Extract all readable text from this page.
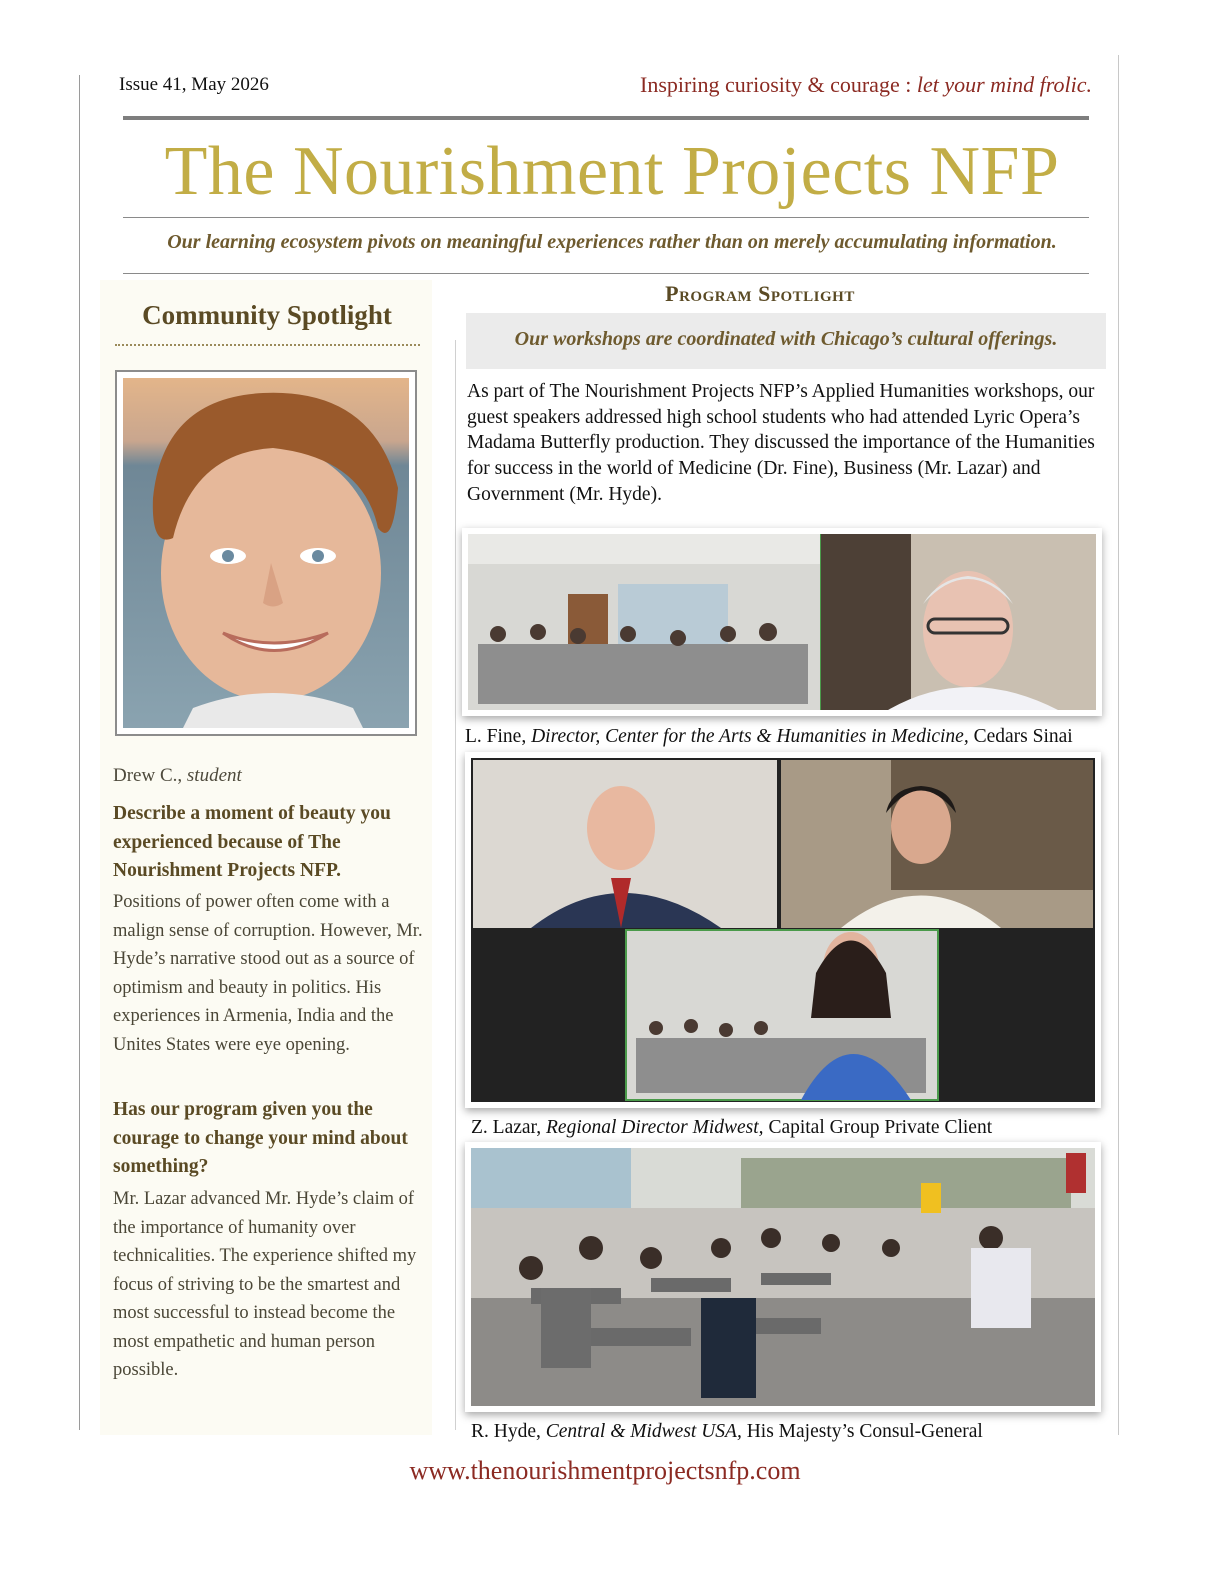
Issue 41, May 2026	Inspiring curiosity & courage : let your mind frolic.
The Nourishment Projects NFP
Our learning ecosystem pivots on meaningful experiences rather than on merely accumulating information.
Community Spotlight
Drew C., student
Describe a moment of beauty you experienced because of The Nourishment Projects NFP.
Positions of power often come with a malign sense of corruption. However, Mr. Hyde’s narrative stood out as a source of optimism and beauty in politics. His experiences in Armenia, India and the Unites States were eye opening.
Has our program given you the courage to change your mind about something?
Mr. Lazar advanced Mr. Hyde’s claim of the importance of humanity over technicalities. The experience shifted my focus of striving to be the smartest and most successful to instead become the most empathetic and human person possible.
Program Spotlight
Our workshops are coordinated with Chicago’s cultural offerings.
As part of The Nourishment Projects NFP’s Applied Humanities workshops, our guest speakers addressed high school students who had attended Lyric Opera’s Madama Butterfly production. They discussed the importance of the Humanities for success in the world of Medicine (Dr. Fine), Business (Mr. Lazar) and Government (Mr. Hyde).
L. Fine, Director, Center for the Arts & Humanities in Medicine, Cedars Sinai
Z. Lazar, Regional Director Midwest, Capital Group Private Client
R. Hyde, Central & Midwest USA, His Majesty’s Consul-General
www.thenourishmentprojectsnfp.com
